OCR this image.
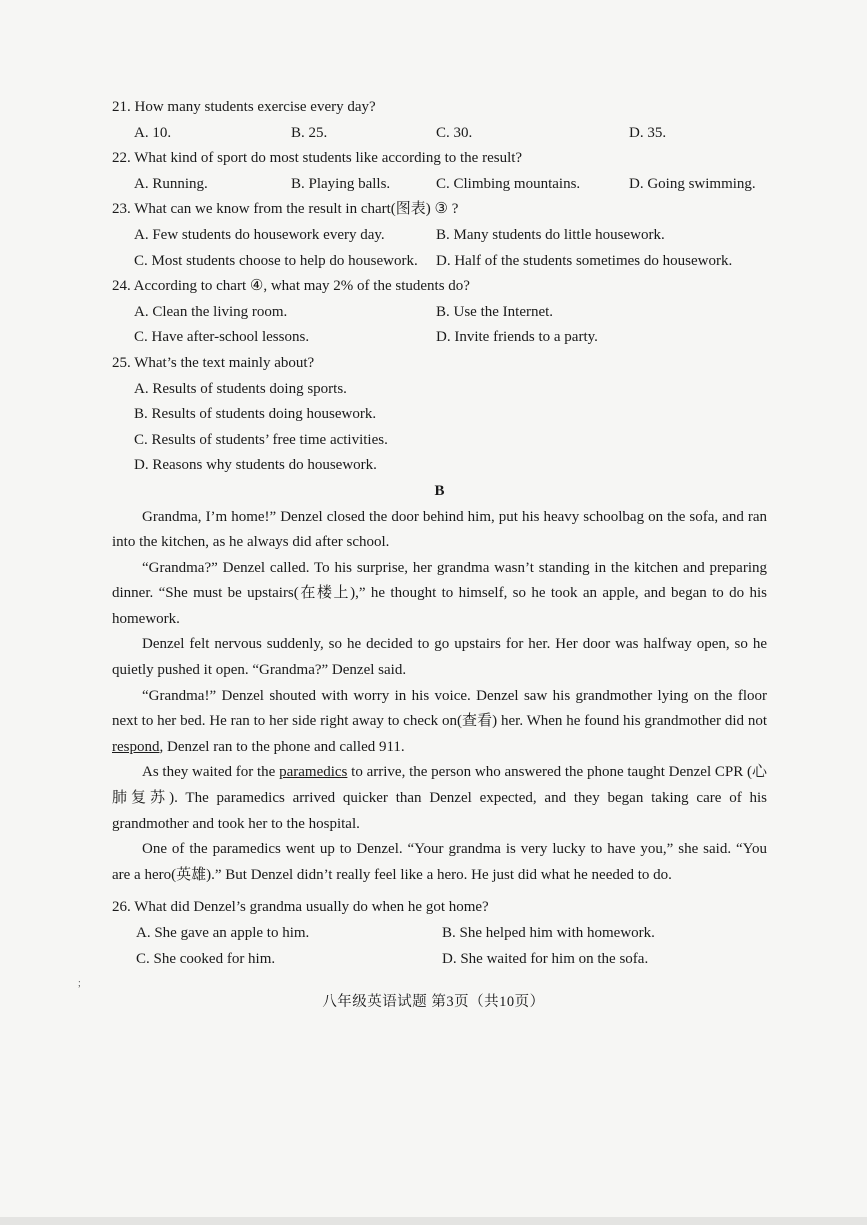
21. How many students exercise every day?

A. 10.	B. 25.	C. 30.	D. 35.

22. What kind of sport do most students like according to the result?

A. Running.	B. Playing balls.	C. Climbing mountains.	D. Going swimming.

23. What can we know from the result in chart(图表) ③ ?

A. Few students do housework every day.	B. Many students do little housework.
C. Most students choose to help do housework.	D. Half of the students sometimes do housework.

24. According to chart ④, what may 2% of the students do?

A. Clean the living room.	B. Use the Internet.
C. Have after-school lessons.	D. Invite friends to a party.

25. What’s the text mainly about?

A. Results of students doing sports.
B. Results of students doing housework.
C. Results of students’ free time activities.
D. Reasons why students do housework.

B

Grandma, I’m home!” Denzel closed the door behind him, put his heavy schoolbag on the sofa, and ran into the kitchen, as he always did after school.

“Grandma?” Denzel called. To his surprise, her grandma wasn’t standing in the kitchen and preparing dinner. “She must be upstairs(在楼上),” he thought to himself, so he took an apple, and began to do his homework.

Denzel felt nervous suddenly, so he decided to go upstairs for her. Her door was halfway open, so he quietly pushed it open. “Grandma?” Denzel said.

“Grandma!” Denzel shouted with worry in his voice. Denzel saw his grandmother lying on the floor next to her bed. He ran to her side right away to check on(查看) her. When he found his grandmother did not respond, Denzel ran to the phone and called 911.

As they waited for the paramedics to arrive, the person who answered the phone taught Denzel CPR (心肺复苏). The paramedics arrived quicker than Denzel expected, and they began taking care of his grandmother and took her to the hospital.

One of the paramedics went up to Denzel. “Your grandma is very lucky to have you,” she said. “You are a hero(英雄).” But Denzel didn’t really feel like a hero. He just did what he needed to do.

26. What did Denzel’s grandma usually do when he got home?

A. She gave an apple to him.	B. She helped him with homework.
C. She cooked for him.	D. She waited for him on the sofa.
;
八年级英语试题 第3页（共10页）
